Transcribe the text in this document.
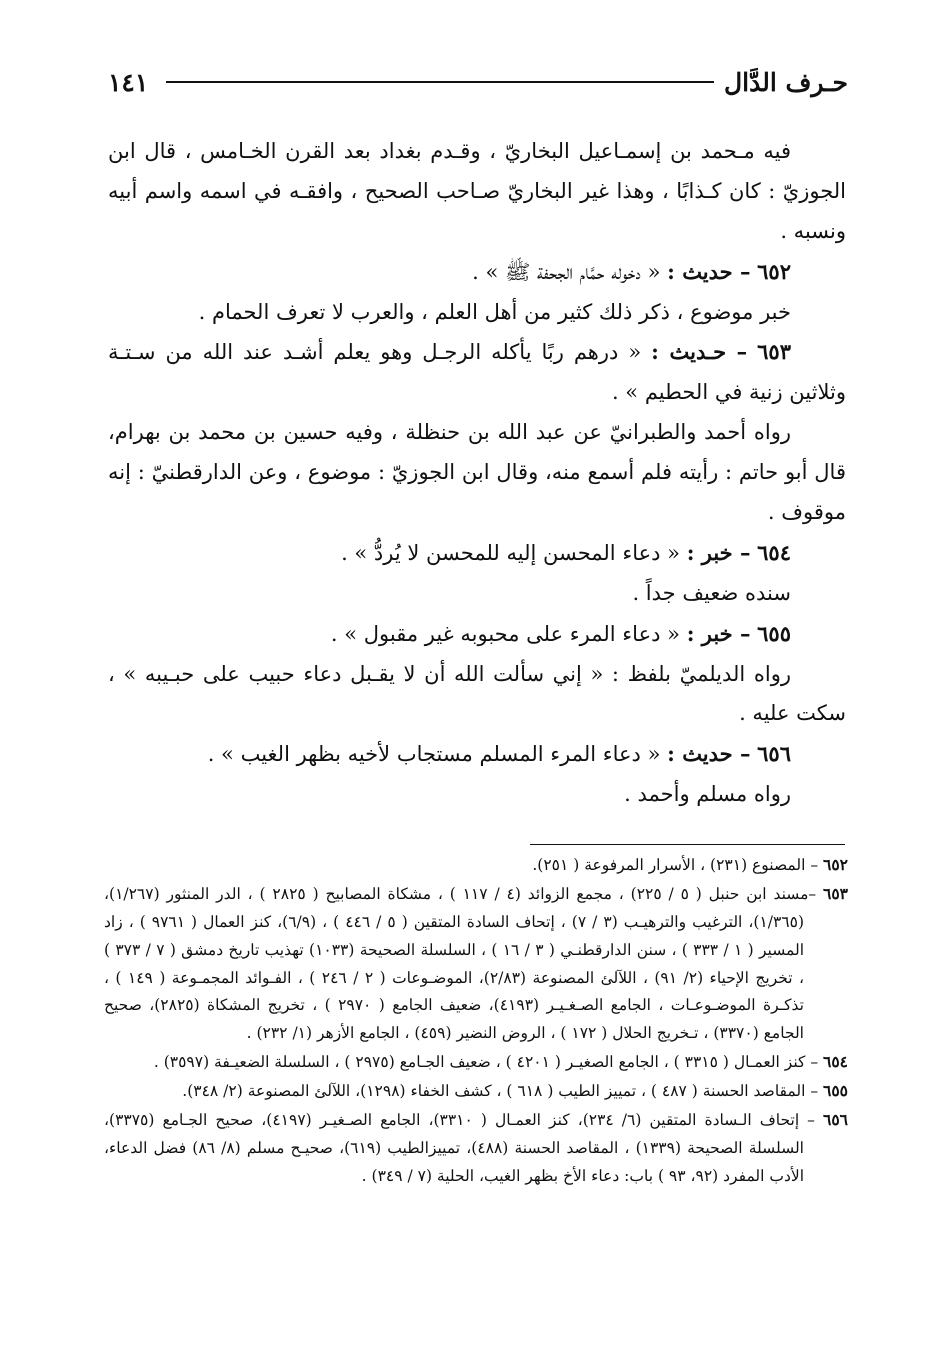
١٤١	حـرف الدَّال

فيه مـحمد بن إسمـاعيل البخاريّ ، وقـدم بغداد بعد القرن الخـامس ، قال ابن الجوزيّ : كان كـذابًا ، وهذا غير البخاريّ صـاحب الصحيح ، وافقـه في اسمه واسم أبيه ونسبه .

٦٥٢ – حديث : « دخوله حمَّام الجحفة ﷺ » .

خبر موضوع ، ذكر ذلك كثير من أهل العلم ، والعرب لا تعرف الحمام .

٦٥٣ – حـديث : « درهم ربًا يأكله الرجـل وهو يعلم أشـد عند الله من سـتـة وثلاثين زنية في الحطيم » .

رواه أحمد والطبرانيّ عن عبد الله بن حنظلة ، وفيه حسين بن محمد بن بهرام، قال أبو حاتم : رأيته فلم أسمع منه، وقال ابن الجوزيّ : موضوع ، وعن الدارقطنيّ : إنه موقوف .

٦٥٤ – خبر : « دعاء المحسن إليه للمحسن لا يُردُّ » .

سنده ضعيف جداً .

٦٥٥ – خبر : « دعاء المرء على محبوبه غير مقبول » .

رواه الديلميّ بلفظ : « إني سألت الله أن لا يقـبل دعاء حبيب على حبـيبه » ، سكت عليه .

٦٥٦ – حديث : « دعاء المرء المسلم مستجاب لأخيه بظهر الغيب » .

رواه مسلم وأحمد .

٦٥٢ – المصنوع (٢٣١) ، الأسرار المرفوعة ( ٢٥١).

٦٥٣ –مسند ابن حنبل ( ٥ / ٢٢٥) ، مجمع الزوائد (٤ / ١١٧ ) ، مشكاة المصابيح ( ٢٨٢٥ ) ، الدر المنثور (١/٢٦٧)، (١/٣٦٥)، الترغيب والترهيـب (٣ / ٧) ، إتحاف السادة المتقين ( ٥ / ٤٤٦ ) ، (٦/٩)، كنز العمال ( ٩٧٦١ ) ، زاد المسير ( ١ / ٣٣٣ ) ، سنن الدارقطنـي ( ٣ / ١٦ ) ، السلسلة الصحيحة (١٠٣٣) تهذيب تاريخ دمشق ( ٧ / ٣٧٣ ) ، تخريج الإحياء (٢/ ٩١) ، اللآلئ المصنوعة (٢/٨٣)، الموضـوعات ( ٢ / ٢٤٦ ) ، الفـوائد المجمـوعة ( ١٤٩ ) ، تذكـرة الموضـوعـات ، الجامع الصـغـيـر (٤١٩٣)، ضعيف الجامع ( ٢٩٧٠ ) ، تخريج المشكاة (٢٨٢٥)، صحيح الجامع (٣٣٧٠) ، تـخريج الحلال ( ١٧٢ ) ، الروض النضير (٤٥٩) ، الجامع الأزهر (١/ ٢٣٢) .

٦٥٤ – كنز العمـال ( ٣٣١٥ ) ، الجامع الصغيـر ( ٤٢٠١ ) ، ضعيف الجـامع (٢٩٧٥ ) ، السلسلة الضعيـفة (٣٥٩٧) .

٦٥٥ – المقاصد الحسنة ( ٤٨٧ ) ، تمييز الطيب ( ٦١٨ ) ، كشف الخفاء (١٢٩٨)، اللآلئ المصنوعة (٢/ ٣٤٨).

٦٥٦ – إتحاف الـسادة المتقين (٦/ ٢٣٤)، كنز العمـال ( ٣٣١٠)، الجامع الصـغيـر (٤١٩٧)، صحيح الجـامع (٣٣٧٥)، السلسلة الصحيحة (١٣٣٩) ، المقاصد الحسنة (٤٨٨)، تمييزالطيب (٦١٩)، صحيـح مسلم (٨/ ٨٦) فضل الدعاء، الأدب المفرد (٩٢، ٩٣ ) باب: دعاء الأخ بظهر الغيب، الحلية (٧ / ٣٤٩) .
